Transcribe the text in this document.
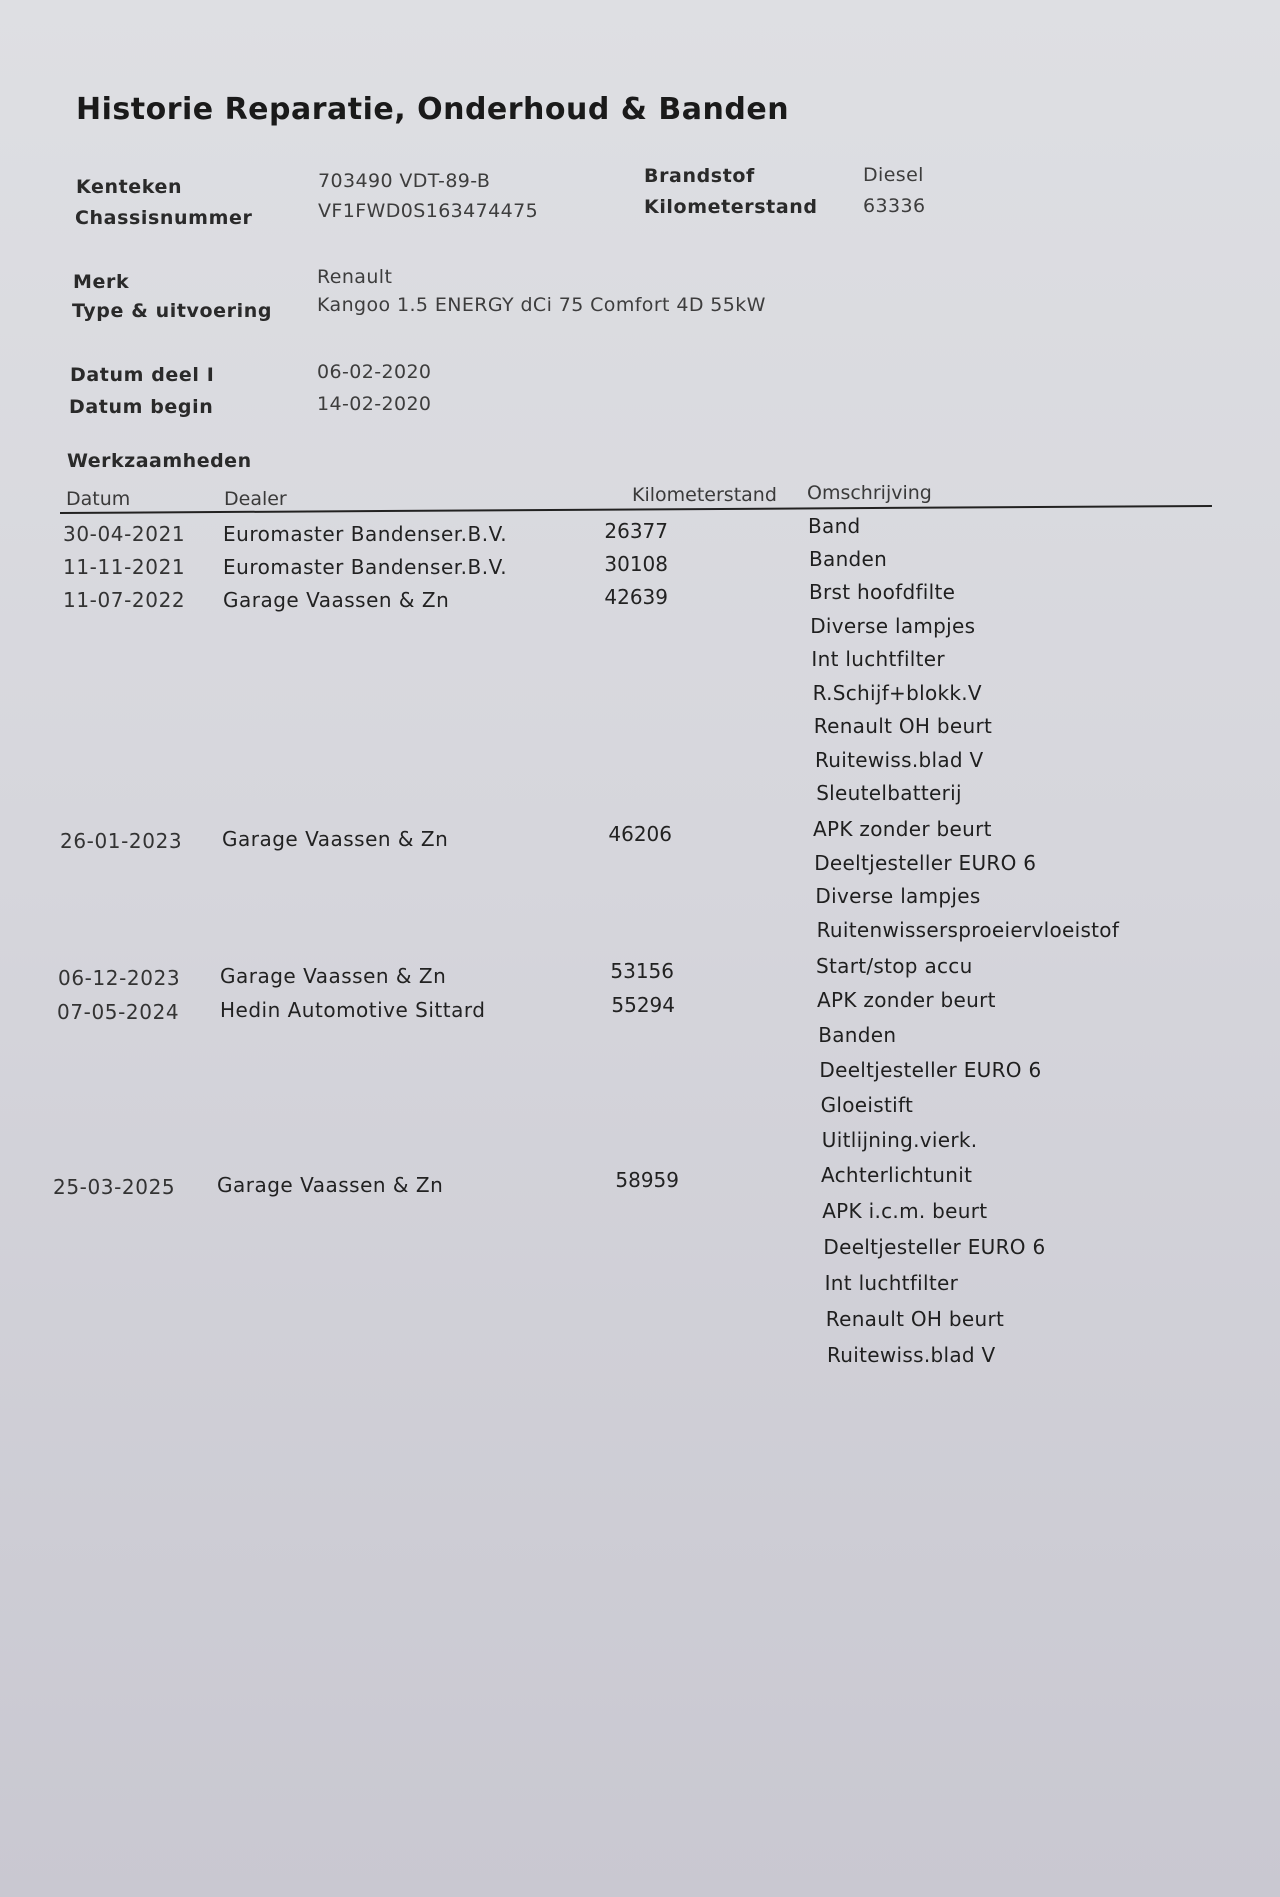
Historie Reparatie, Onderhoud & Banden
Kenteken	703490 VDT-89-B
Chassisnummer	VF1FWD0S163474475
Brandstof	Diesel
Kilometerstand 63336
Merk	Renault
Type & uitvoering Kangoo 1.5 ENERGY dCi 75 Comfort 4D 55kW
Datum deel I	06-02-2020
Datum begin	14-02-2020
Werkzaamheden
Datum	Dealer	Kilometerstand Omschrijving
30-04-2021 Euromaster Bandenser.B.V.	26377	Band
11-11-2021 Euromaster Bandenser.B.V.	30108	Banden
11-07-2022 Garage Vaassen & Zn	42639	Brst hoofdfilte
Diverse lampjes
Int luchtfilter
R.Schijf+blokk.V
Renault OH beurt
Ruitewiss.blad V
Sleutelbatterij
26-01-2023 Garage Vaassen & Zn	46206	APK zonder beurt
Deeltjesteller EURO 6
Diverse lampjes
Ruitenwissersproeiervloeistof
06-12-2023 Garage Vaassen & Zn	53156	Start/stop accu
07-05-2024 Hedin Automotive Sittard	55294	APK zonder beurt
Banden
Deeltjesteller EURO 6
Gloeistift
Uitlijning.vierk.
25-03-2025 Garage Vaassen & Zn	58959	Achterlichtunit
APK i.c.m. beurt
Deeltjesteller EURO 6
Int luchtfilter
Renault OH beurt
Ruitewiss.blad V
